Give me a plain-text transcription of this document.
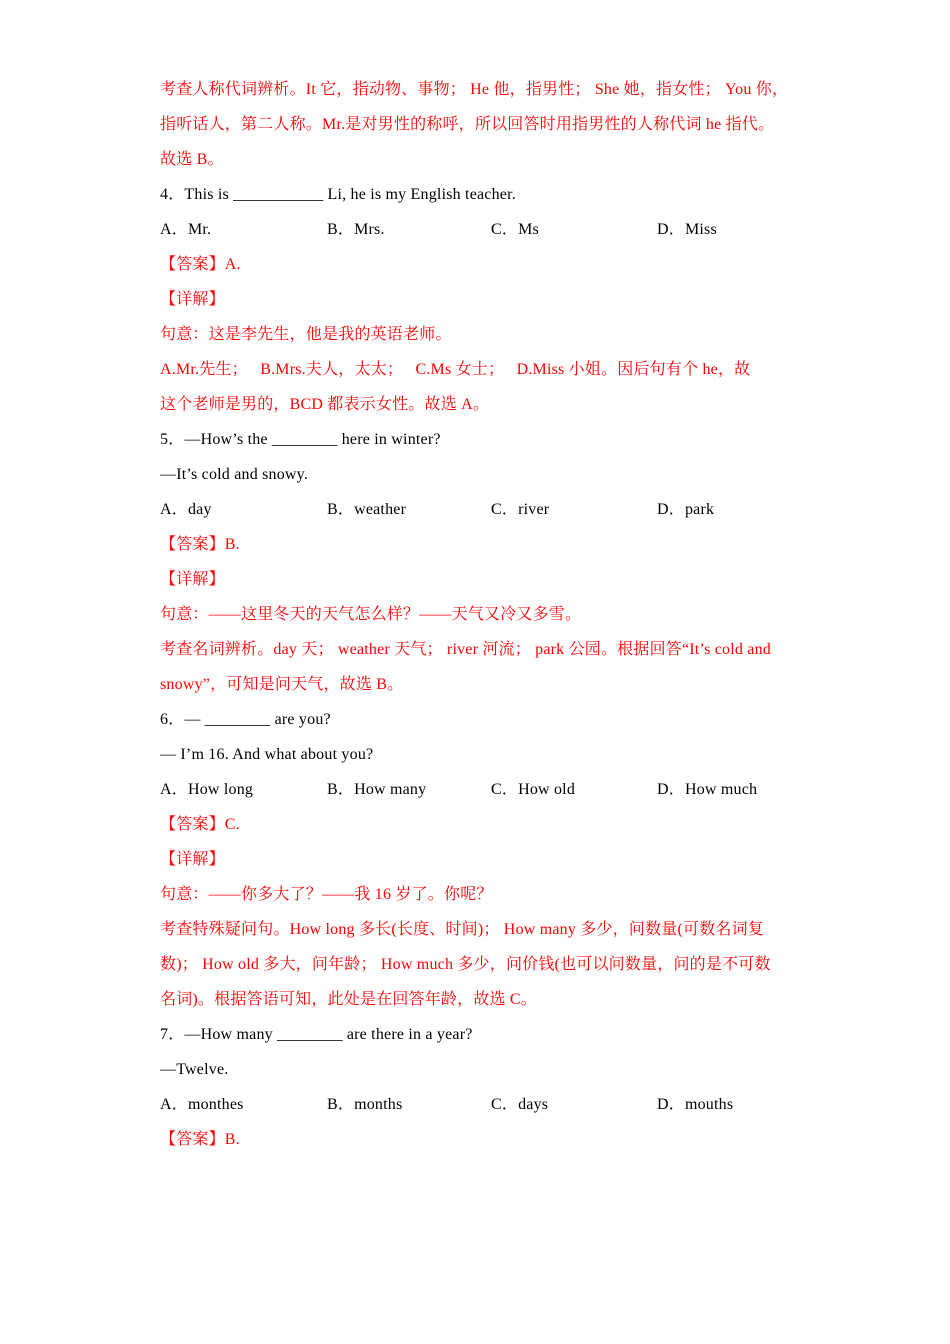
考查人称代词辨析。It 它，指动物、事物； He 他，指男性； She 她，指女性； You 你，
指听话人，第二人称。Mr.是对男性的称呼，所以回答时用指男性的人称代词 he 指代。
故选 B。
4．This is ___________ Li, he is my English teacher.
A．Mr.	B．Mrs.	C．Ms	D．Miss
【答案】A.
【详解】
句意：这是李先生，他是我的英语老师。
A.Mr.先生；　 B.Mrs.夫人，太太；　 C.Ms 女士；　 D.Miss 小姐。因后句有个 he，故
这个老师是男的，BCD 都表示女性。故选 A。
5．—How’s the ________ here in winter?
—It’s cold and snowy.
A．day	B．weather	C．river	D．park
【答案】B.
【详解】
句意：——这里冬天的天气怎么样？——天气又冷又多雪。
考查名词辨析。day 天； weather 天气； river 河流； park 公园。根据回答“It’s cold and
snowy”，可知是问天气，故选 B。
6．— ________ are you?
— I’m 16. And what about you?
A．How long	B．How many	C．How old	D．How much
【答案】C.
【详解】
句意：——你多大了？——我 16 岁了。你呢？
考查特殊疑问句。How long 多长(长度、时间)； How many 多少，问数量(可数名词复
数)； How old 多大，问年龄； How much 多少，问价钱(也可以问数量，问的是不可数
名词)。根据答语可知，此处是在回答年龄，故选 C。
7．—How many ________ are there in a year?
—Twelve.
A．monthes	B．months	C．days	D．mouths
【答案】B.
